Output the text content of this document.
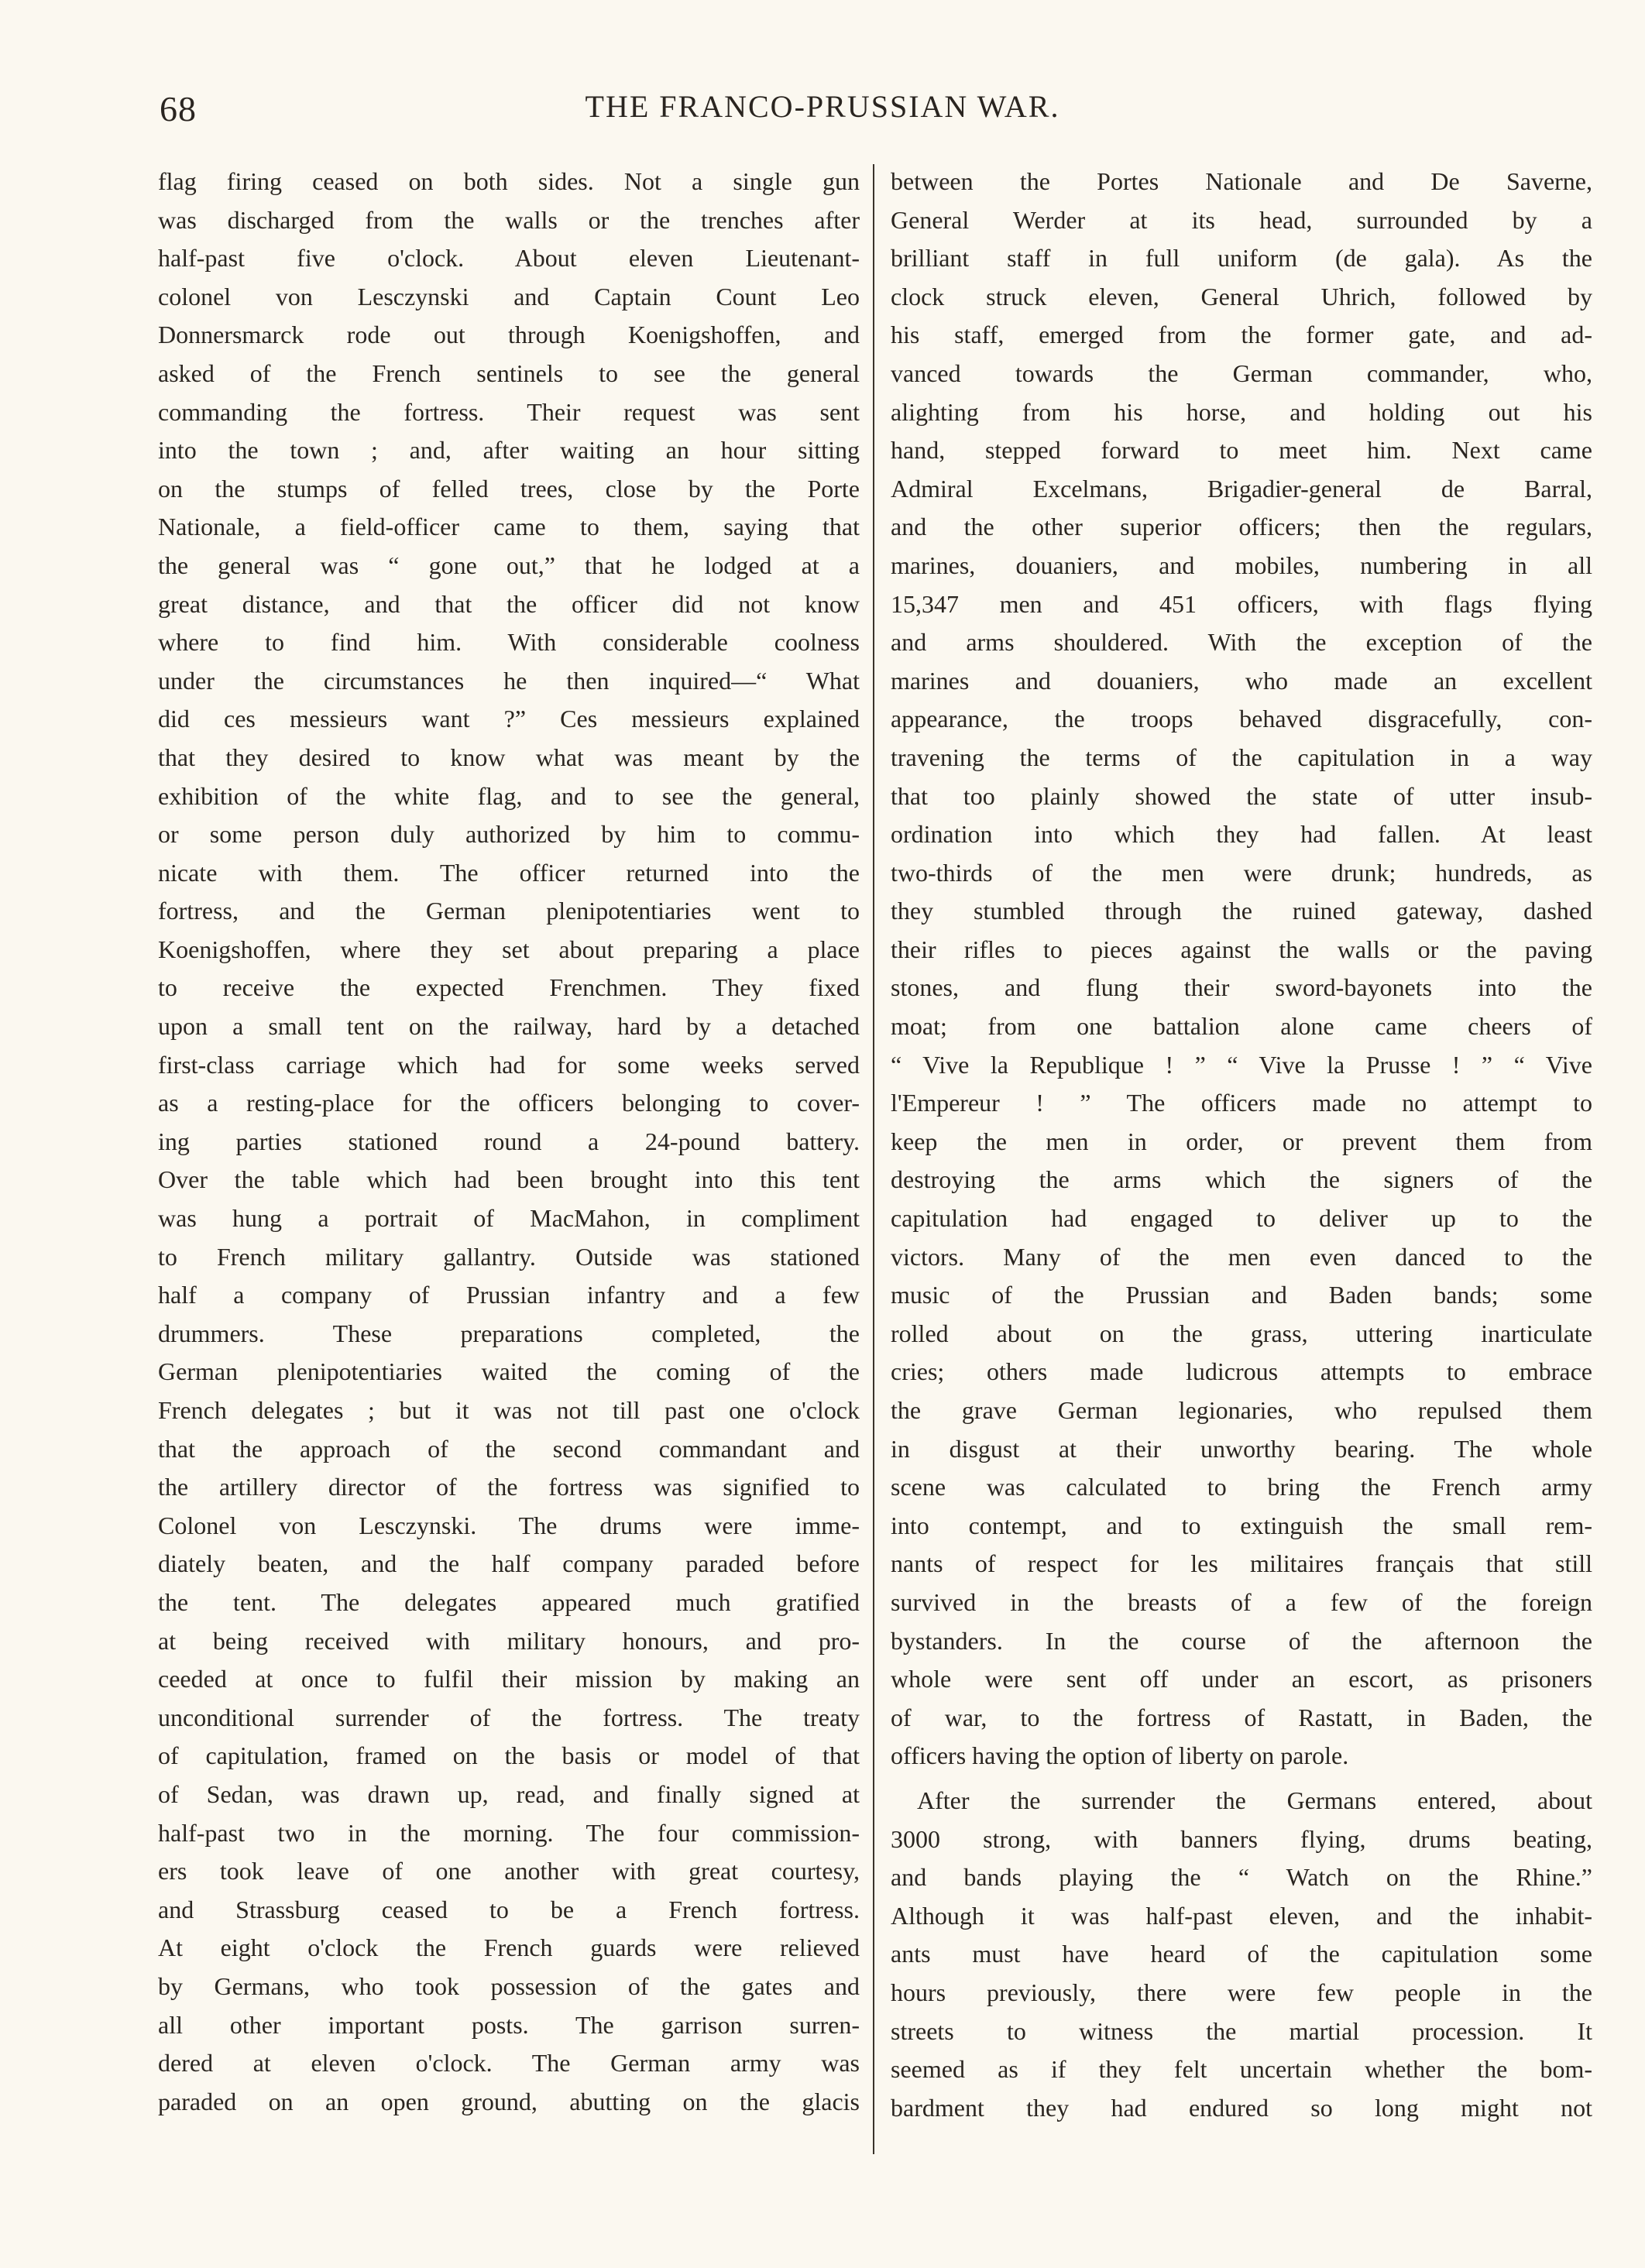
68	THE FRANCO-PRUSSIAN WAR.
flag firing ceased on both sides. Not a single gun
was discharged from the walls or the trenches after
half-past five o'clock. About eleven Lieutenant-
colonel von Lesczynski and Captain Count Leo
Donnersmarck rode out through Koenigshoffen, and
asked of the French sentinels to see the general
commanding the fortress. Their request was sent
into the town ; and, after waiting an hour sitting
on the stumps of felled trees, close by the Porte
Nationale, a field-officer came to them, saying that
the general was “ gone out,” that he lodged at a
great distance, and that the officer did not know
where to find him. With considerable coolness
under the circumstances he then inquired—“ What
did ces messieurs want ?” Ces messieurs explained
that they desired to know what was meant by the
exhibition of the white flag, and to see the general,
or some person duly authorized by him to commu-
nicate with them. The officer returned into the
fortress, and the German plenipotentiaries went to
Koenigshoffen, where they set about preparing a place
to receive the expected Frenchmen. They fixed
upon a small tent on the railway, hard by a detached
first-class carriage which had for some weeks served
as a resting-place for the officers belonging to cover-
ing parties stationed round a 24-pound battery.
Over the table which had been brought into this tent
was hung a portrait of MacMahon, in compliment
to French military gallantry. Outside was stationed
half a company of Prussian infantry and a few
drummers. These preparations completed, the
German plenipotentiaries waited the coming of the
French delegates ; but it was not till past one o'clock
that the approach of the second commandant and
the artillery director of the fortress was signified to
Colonel von Lesczynski. The drums were imme-
diately beaten, and the half company paraded before
the tent. The delegates appeared much gratified
at being received with military honours, and pro-
ceeded at once to fulfil their mission by making an
unconditional surrender of the fortress. The treaty
of capitulation, framed on the basis or model of that
of Sedan, was drawn up, read, and finally signed at
half-past two in the morning. The four commission-
ers took leave of one another with great courtesy,
and Strassburg ceased to be a French fortress.
At eight o'clock the French guards were relieved
by Germans, who took possession of the gates and
all other important posts. The garrison surren-
dered at eleven o'clock. The German army was
paraded on an open ground, abutting on the glacis
between the Portes Nationale and De Saverne,
General Werder at its head, surrounded by a
brilliant staff in full uniform (de gala). As the
clock struck eleven, General Uhrich, followed by
his staff, emerged from the former gate, and ad-
vanced towards the German commander, who,
alighting from his horse, and holding out his
hand, stepped forward to meet him. Next came
Admiral Excelmans, Brigadier-general de Barral,
and the other superior officers; then the regulars,
marines, douaniers, and mobiles, numbering in all
15,347 men and 451 officers, with flags flying
and arms shouldered. With the exception of the
marines and douaniers, who made an excellent
appearance, the troops behaved disgracefully, con-
travening the terms of the capitulation in a way
that too plainly showed the state of utter insub-
ordination into which they had fallen. At least
two-thirds of the men were drunk; hundreds, as
they stumbled through the ruined gateway, dashed
their rifles to pieces against the walls or the paving
stones, and flung their sword-bayonets into the
moat; from one battalion alone came cheers of
“ Vive la Republique ! ” “ Vive la Prusse ! ” “ Vive
l'Empereur ! ” The officers made no attempt to
keep the men in order, or prevent them from
destroying the arms which the signers of the
capitulation had engaged to deliver up to the
victors. Many of the men even danced to the
music of the Prussian and Baden bands; some
rolled about on the grass, uttering inarticulate
cries; others made ludicrous attempts to embrace
the grave German legionaries, who repulsed them
in disgust at their unworthy bearing. The whole
scene was calculated to bring the French army
into contempt, and to extinguish the small rem-
nants of respect for les militaires français that still
survived in the breasts of a few of the foreign
bystanders. In the course of the afternoon the
whole were sent off under an escort, as prisoners
of war, to the fortress of Rastatt, in Baden, the
officers having the option of liberty on parole.
After the surrender the Germans entered, about
3000 strong, with banners flying, drums beating,
and bands playing the “ Watch on the Rhine.”
Although it was half-past eleven, and the inhabit-
ants must have heard of the capitulation some
hours previously, there were few people in the
streets to witness the martial procession. It
seemed as if they felt uncertain whether the bom-
bardment they had endured so long might not
